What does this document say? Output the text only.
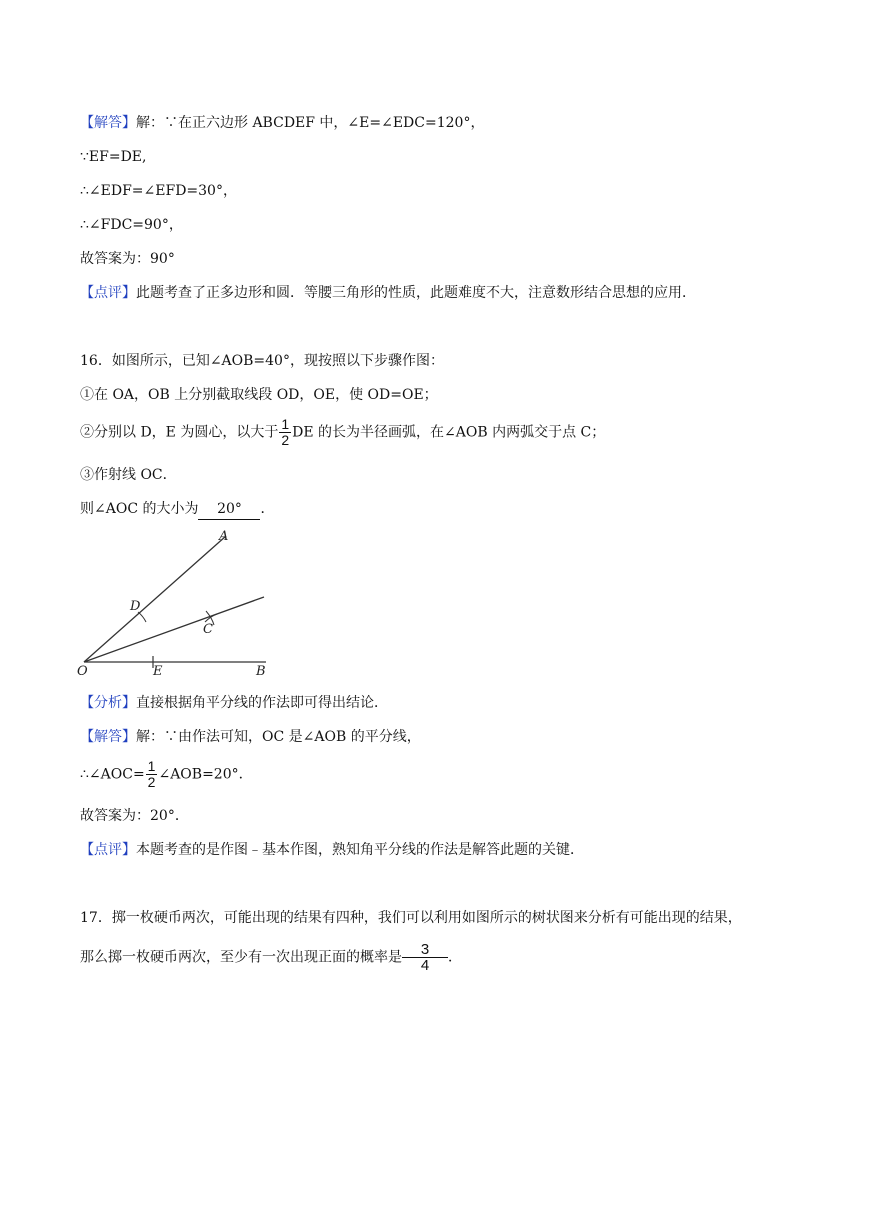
【解答】解：∵在正六边形 ABCDEF 中，∠E=∠EDC=120°，
∵EF=DE,
∴∠EDF=∠EFD=30°，
∴∠FDC=90°，
故答案为：90°
【点评】此题考查了正多边形和圆．等腰三角形的性质，此题难度不大，注意数形结合思想的应用．
16．如图所示，已知∠AOB=40°，现按照以下步骤作图：
①在 OA，OB 上分别截取线段 OD，OE，使 OD=OE；
②分别以 D，E 为圆心，以大于 $\frac{1}{2}$ DE 的长为半径画弧，在∠AOB 内两弧交于点 C；
③作射线 OC．
则∠AOC 的大小为 20° ．
A
D
C
O	E	B
【分析】直接根据角平分线的作法即可得出结论．
【解答】解：∵由作法可知，OC 是∠AOB 的平分线，
∴∠AOC= $\frac{1}{2}$ ∠AOB=20°．
故答案为：20°．
【点评】本题考查的是作图﹣基本作图，熟知角平分线的作法是解答此题的关键．
17．掷一枚硬币两次，可能出现的结果有四种，我们可以利用如图所示的树状图来分析有可能出现的结果，
那么掷一枚硬币两次，至少有一次出现正面的概率是 $\frac{3}{4}$ ．
